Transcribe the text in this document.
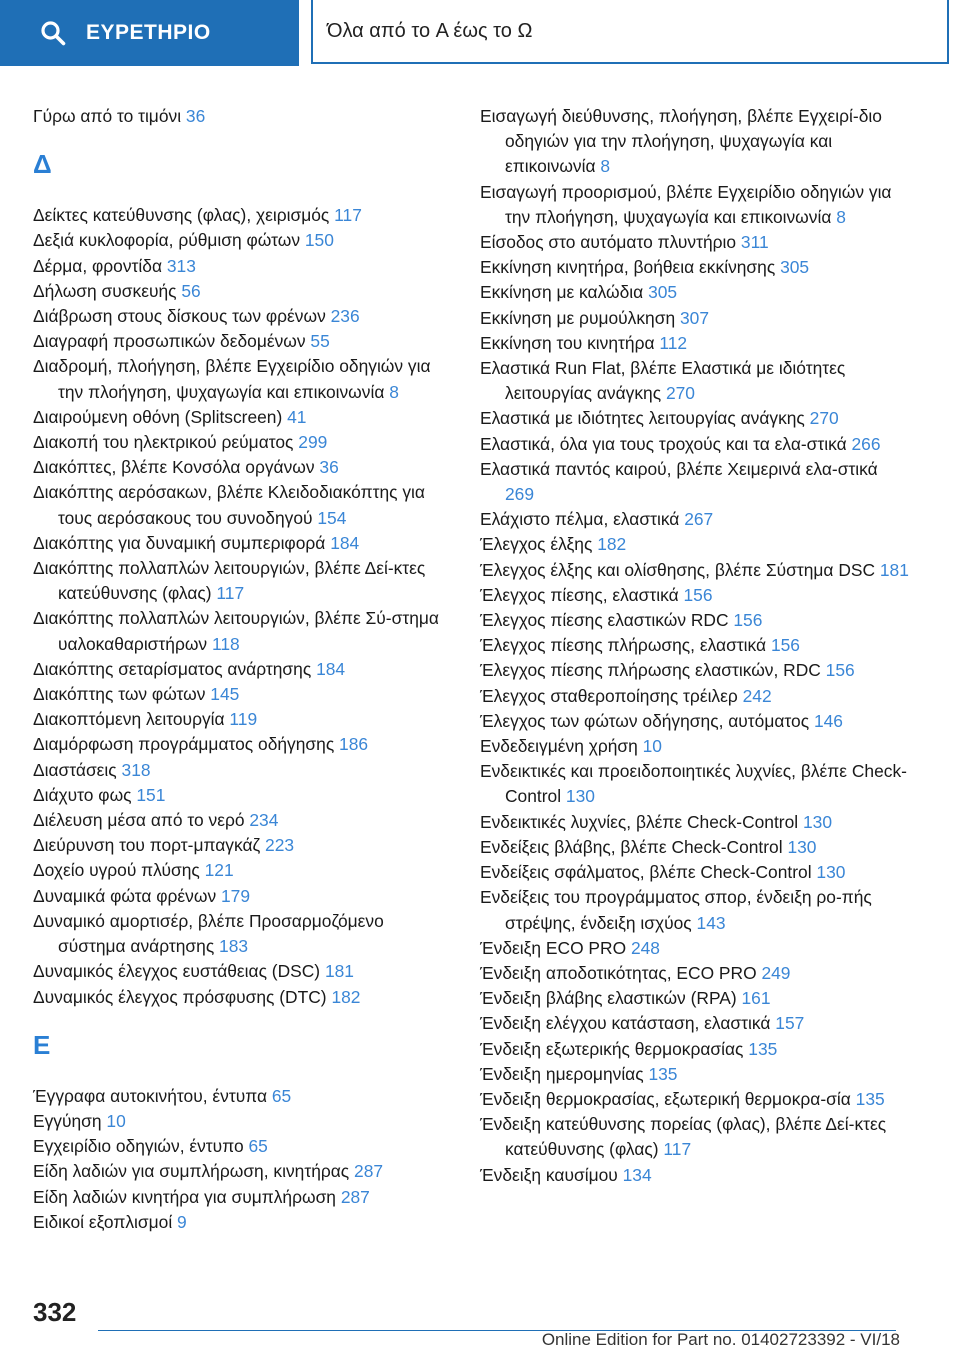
ΕΥΡΕΤΗΡΙΟ	Όλα από το A έως το Ω
Γύρω από το τιμόνι 36
Δ
Δείκτες κατεύθυνσης (φλας), χειρισμός 117
Δεξιά κυκλοφορία, ρύθμιση φώτων 150
Δέρμα, φροντίδα 313
Δήλωση συσκευής 56
Διάβρωση στους δίσκους των φρένων 236
Διαγραφή προσωπικών δεδομένων 55
Διαδρομή, πλοήγηση, βλέπε Εγχειρίδιο οδηγιών για την πλοήγηση, ψυχαγωγία και επικοινωνία 8
Διαιρούμενη οθόνη (Splitscreen) 41
Διακοπή του ηλεκτρικού ρεύματος 299
Διακόπτες, βλέπε Κονσόλα οργάνων 36
Διακόπτης αερόσακων, βλέπε Κλειδοδιακόπτης για τους αερόσακους του συνοδηγού 154
Διακόπτης για δυναμική συμπεριφορά 184
Διακόπτης πολλαπλών λειτουργιών, βλέπε Δεί-κτες κατεύθυνσης (φλας) 117
Διακόπτης πολλαπλών λειτουργιών, βλέπε Σύ-στημα υαλοκαθαριστήρων 118
Διακόπτης σεταρίσματος ανάρτησης 184
Διακόπτης των φώτων 145
Διακοπτόμενη λειτουργία 119
Διαμόρφωση προγράμματος οδήγησης 186
Διαστάσεις 318
Διάχυτο φως 151
Διέλευση μέσα από το νερό 234
Διεύρυνση του πορτ-μπαγκάζ 223
Δοχείο υγρού πλύσης 121
Δυναμικά φώτα φρένων 179
Δυναμικό αμορτισέρ, βλέπε Προσαρμοζόμενο σύστημα ανάρτησης 183
Δυναμικός έλεγχος ευστάθειας (DSC) 181
Δυναμικός έλεγχος πρόσφυσης (DTC) 182
Ε
Έγγραφα αυτοκινήτου, έντυπα 65
Εγγύηση 10
Εγχειρίδιο οδηγιών, έντυπο 65
Είδη λαδιών για συμπλήρωση, κινητήρας 287
Είδη λαδιών κινητήρα για συμπλήρωση 287
Ειδικοί εξοπλισμοί 9
Εισαγωγή διεύθυνσης, πλοήγηση, βλέπε Εγχειρί-διο οδηγιών για την πλοήγηση, ψυχαγωγία και επικοινωνία 8
Εισαγωγή προορισμού, βλέπε Εγχειρίδιο οδηγιών για την πλοήγηση, ψυχαγωγία και επικοινωνία 8
Είσοδος στο αυτόματο πλυντήριο 311
Εκκίνηση κινητήρα, βοήθεια εκκίνησης 305
Εκκίνηση με καλώδια 305
Εκκίνηση με ρυμούλκηση 307
Εκκίνηση του κινητήρα 112
Ελαστικά Run Flat, βλέπε Ελαστικά με ιδιότητες λειτουργίας ανάγκης 270
Ελαστικά με ιδιότητες λειτουργίας ανάγκης 270
Ελαστικά, όλα για τους τροχούς και τα ελα-στικά 266
Ελαστικά παντός καιρού, βλέπε Χειμερινά ελα-στικά 269
Ελάχιστο πέλμα, ελαστικά 267
Έλεγχος έλξης 182
Έλεγχος έλξης και ολίσθησης, βλέπε Σύστημα DSC 181
Έλεγχος πίεσης, ελαστικά 156
Έλεγχος πίεσης ελαστικών RDC 156
Έλεγχος πίεσης πλήρωσης, ελαστικά 156
Έλεγχος πίεσης πλήρωσης ελαστικών, RDC 156
Έλεγχος σταθεροποίησης τρέιλερ 242
Έλεγχος των φώτων οδήγησης, αυτόματος 146
Ενδεδειγμένη χρήση 10
Ενδεικτικές και προειδοποιητικές λυχνίες, βλέπε Check-Control 130
Ενδεικτικές λυχνίες, βλέπε Check-Control 130
Ενδείξεις βλάβης, βλέπε Check-Control 130
Ενδείξεις σφάλματος, βλέπε Check-Control 130
Ενδείξεις του προγράμματος σπορ, ένδειξη ρο-πής στρέψης, ένδειξη ισχύος 143
Ένδειξη ECO PRO 248
Ένδειξη αποδοτικότητας, ECO PRO 249
Ένδειξη βλάβης ελαστικών (RPA) 161
Ένδειξη ελέγχου κατάσταση, ελαστικά 157
Ένδειξη εξωτερικής θερμοκρασίας 135
Ένδειξη ημερομηνίας 135
Ένδειξη θερμοκρασίας, εξωτερική θερμοκρα-σία 135
Ένδειξη κατεύθυνσης πορείας (φλας), βλέπε Δεί-κτες κατεύθυνσης (φλας) 117
Ένδειξη καυσίμου 134
332
Online Edition for Part no. 01402723392 - VI/18
